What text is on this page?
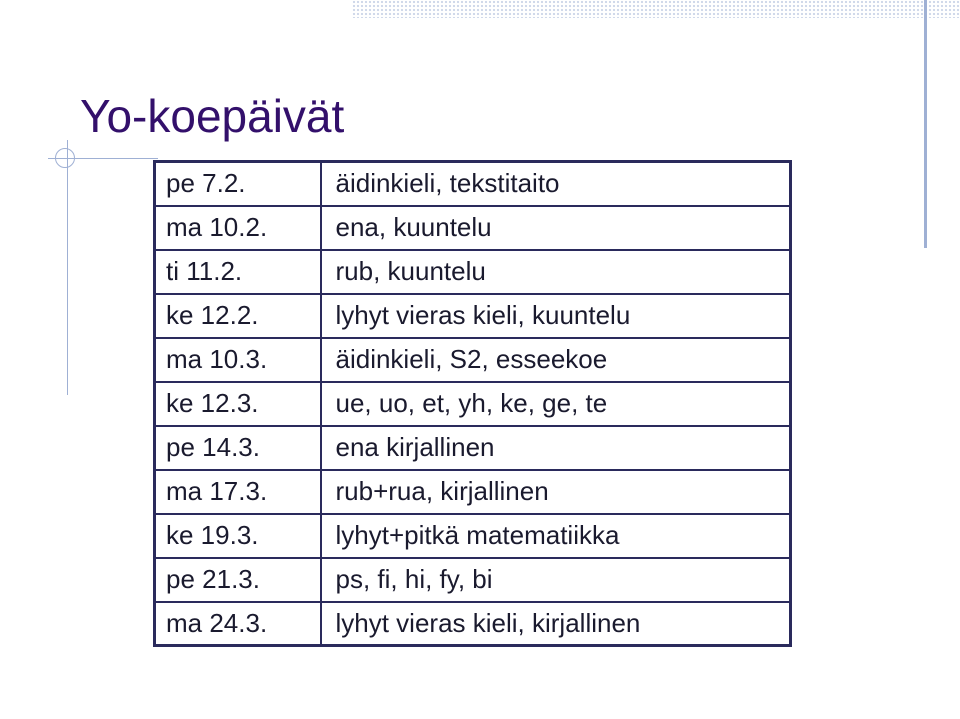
Yo-koepäivät
pe 7.2.	äidinkieli, tekstitaito
ma 10.2.	ena, kuuntelu
ti 11.2.	rub, kuuntelu
ke 12.2.	lyhyt vieras kieli, kuuntelu
ma 10.3.	äidinkieli, S2, esseekoe
ke 12.3.	ue, uo, et, yh, ke, ge, te
pe 14.3.	ena kirjallinen
ma 17.3.	rub+rua, kirjallinen
ke 19.3.	lyhyt+pitkä matematiikka
pe 21.3.	ps, fi, hi, fy, bi
ma 24.3.	lyhyt vieras kieli, kirjallinen
